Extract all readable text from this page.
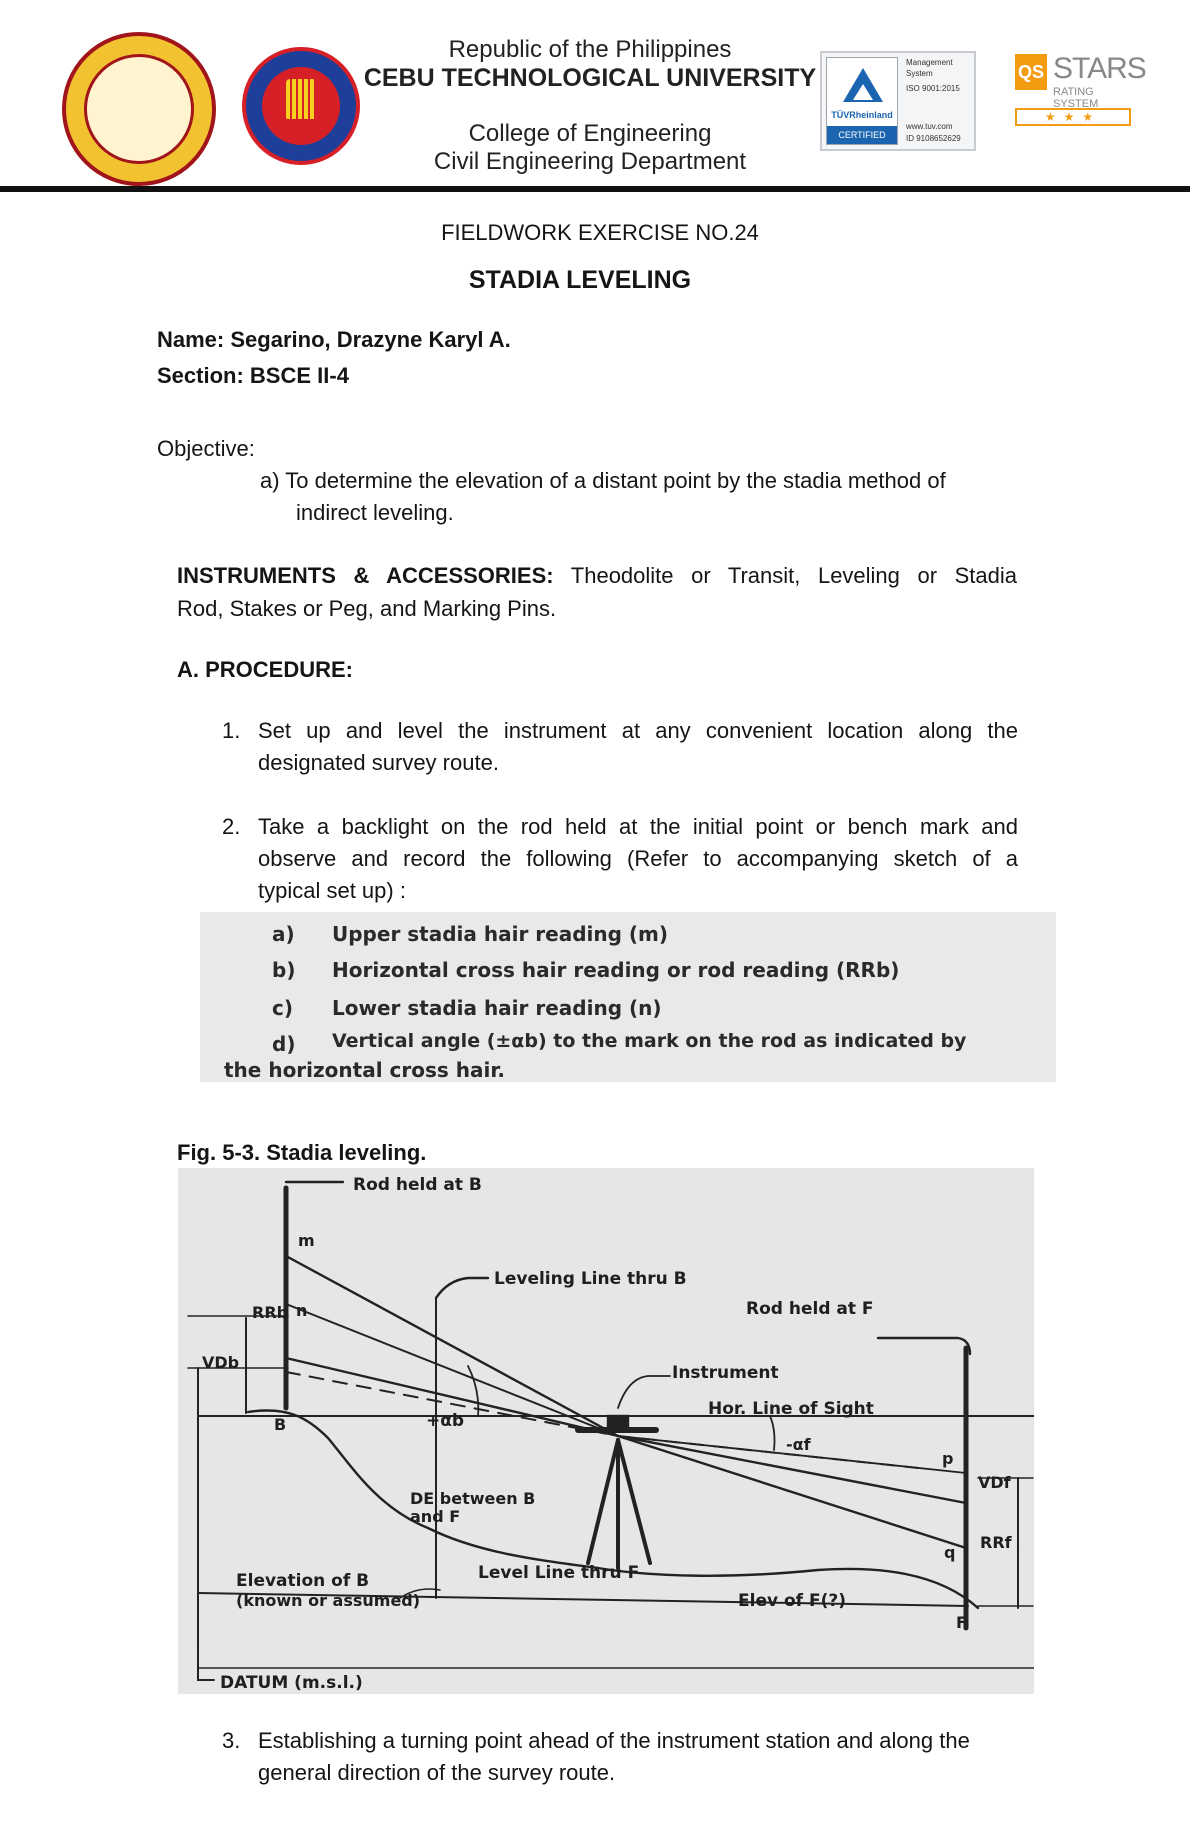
Republic of the Philippines
CEBU TECHNOLOGICAL UNIVERSITY
College of Engineering
Civil Engineering Department
TÜVRheinland
CERTIFIED
Management System
ISO 9001:2015
www.tuv.com
ID 9108652629
QS STARS
RATING SYSTEM
★★★
FIELDWORK EXERCISE NO.24
STADIA LEVELING
Name: Segarino, Drazyne Karyl A.
Section: BSCE II-4
Objective:
a) To determine the elevation of a distant point by the stadia method of
indirect leveling.
INSTRUMENTS & ACCESSORIES: Theodolite or Transit, Leveling or Stadia
Rod, Stakes or Peg, and Marking Pins.
A. PROCEDURE:
1. Set up and level the instrument at any convenient location along the
designated survey route.
2. Take a backlight on the rod held at the initial point or bench mark and
observe and record the following (Refer to accompanying sketch of a
typical set up) :
a)	Upper stadia hair reading (m)
b)	Horizontal cross hair reading or rod reading (RRb)
c)	Lower stadia hair reading (n)
d)	Vertical angle (±αb) to the mark on the rod as indicated by
the horizontal cross hair.
Fig. 5-3. Stadia leveling.
Rod held at B
m
n
RRb
VDb
B	+αb
Leveling Line thru B
Rod held at F
Instrument
Hor. Line of Sight
-αf
p
VDf
q
RRf
DE between B
and F
Level Line thru F
Elevation of B
(known or assumed)
F
Elev of F(?)
DATUM (m.s.l.)
3. Establishing a turning point ahead of the instrument station and along the
general direction of the survey route.
